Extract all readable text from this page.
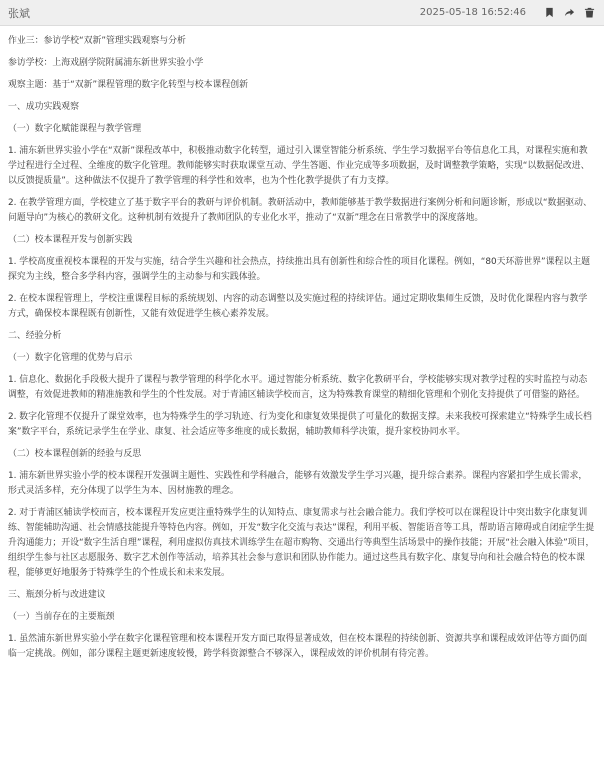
张斌	2025-05-18 16:52:46

作业三：参访学校“双新”管理实践观察与分析

参访学校：上海戏剧学院附属浦东新世界实验小学

观察主题：基于“双新”课程管理的数字化转型与校本课程创新

一、成功实践观察

（一）数字化赋能课程与教学管理

1. 浦东新世界实验小学在“双新”课程改革中，积极推动数字化转型，通过引入课堂智能分析系统、学生学习数据平台等信息化工具，对课程实施和教学过程进行全过程、全维度的数字化管理。教师能够实时获取课堂互动、学生答题、作业完成等多项数据，及时调整教学策略，实现“以数据促改进、以反馈提质量”。这种做法不仅提升了教学管理的科学性和效率，也为个性化教学提供了有力支撑。

2. 在教学管理方面，学校建立了基于数字平台的教研与评价机制。教研活动中，教师能够基于教学数据进行案例分析和问题诊断，形成以“数据驱动、问题导向”为核心的教研文化。这种机制有效提升了教师团队的专业化水平，推动了“双新”理念在日常教学中的深度落地。

（二）校本课程开发与创新实践

1. 学校高度重视校本课程的开发与实施，结合学生兴趣和社会热点，持续推出具有创新性和综合性的项目化课程。例如，“80天环游世界”课程以主题探究为主线，整合多学科内容，强调学生的主动参与和实践体验。

2. 在校本课程管理上，学校注重课程目标的系统规划、内容的动态调整以及实施过程的持续评估。通过定期收集师生反馈，及时优化课程内容与教学方式，确保校本课程既有创新性，又能有效促进学生核心素养发展。

二、经验分析

（一）数字化管理的优势与启示

1. 信息化、数据化手段极大提升了课程与教学管理的科学化水平。通过智能分析系统、数字化教研平台，学校能够实现对教学过程的实时监控与动态调整，有效促进教师的精准施教和学生的个性发展。对于青浦区辅读学校而言，这为特殊教育课堂的精细化管理和个别化支持提供了可借鉴的路径。

2. 数字化管理不仅提升了课堂效率，也为特殊学生的学习轨迹、行为变化和康复效果提供了可量化的数据支撑。未来我校可探索建立“特殊学生成长档案”数字平台，系统记录学生在学业、康复、社会适应等多维度的成长数据，辅助教师科学决策，提升家校协同水平。

（二）校本课程创新的经验与反思

1. 浦东新世界实验小学的校本课程开发强调主题性、实践性和学科融合，能够有效激发学生学习兴趣，提升综合素养。课程内容紧扣学生成长需求，形式灵活多样，充分体现了以学生为本、因材施教的理念。

2. 对于青浦区辅读学校而言，校本课程开发应更注重特殊学生的认知特点、康复需求与社会融合能力。我们学校可以在课程设计中突出数字化康复训练、智能辅助沟通、社会情感技能提升等特色内容。例如，开发“数字化交流与表达”课程，利用平板、智能语音等工具，帮助语言障碍或自闭症学生提升沟通能力；开设“数字生活自理”课程，利用虚拟仿真技术训练学生在超市购物、交通出行等典型生活场景中的操作技能；开展“社会融入体验”项目，组织学生参与社区志愿服务、数字艺术创作等活动，培养其社会参与意识和团队协作能力。通过这些具有数字化、康复导向和社会融合特色的校本课程，能够更好地服务于特殊学生的个性成长和未来发展。

三、瓶颈分析与改进建议

（一）当前存在的主要瓶颈

1. 虽然浦东新世界实验小学在数字化课程管理和校本课程开发方面已取得显著成效，但在校本课程的持续创新、资源共享和课程成效评估等方面仍面临一定挑战。例如，部分课程主题更新速度较慢，跨学科资源整合不够深入，课程成效的评价机制有待完善。
